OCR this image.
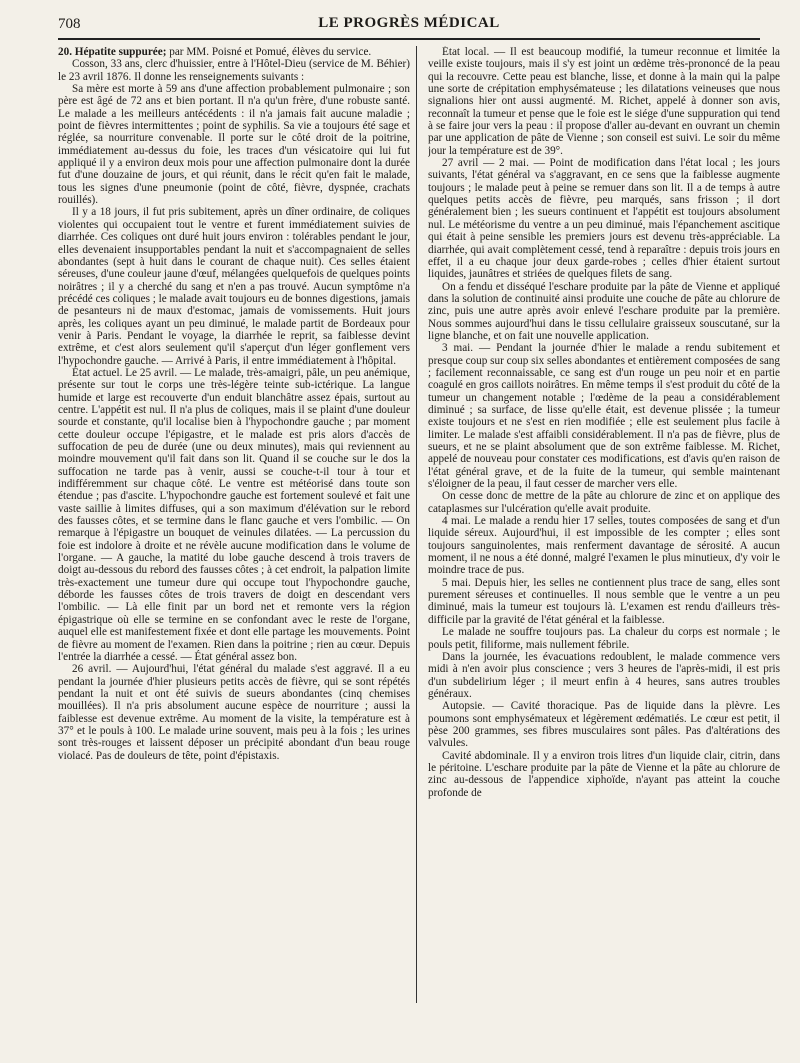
708	LE PROGRÈS MÉDICAL

20. Hépatite suppurée; par MM. Poisné et Pomué, élèves du service.

Cosson, 33 ans, clerc d'huissier, entre à l'Hôtel-Dieu (service de M. Béhier) le 23 avril 1876. Il donne les renseignements suivants :

Sa mère est morte à 59 ans d'une affection probablement pulmonaire ; son père est âgé de 72 ans et bien portant. Il n'a qu'un frère, d'une robuste santé. Le malade a les meilleurs antécédents : il n'a jamais fait aucune maladie ; point de fièvres intermittentes ; point de syphilis. Sa vie a toujours été sage et réglée, sa nourriture convenable. Il porte sur le côté droit de la poitrine, immédiatement au-dessus du foie, les traces d'un vésicatoire qui lui fut appliqué il y a environ deux mois pour une affection pulmonaire dont la durée fut d'une douzaine de jours, et qui réunit, dans le récit qu'en fait le malade, tous les signes d'une pneumonie (point de côté, fièvre, dyspnée, crachats rouillés).

Il y a 18 jours, il fut pris subitement, après un dîner ordinaire, de coliques violentes qui occupaient tout le ventre et furent immédiatement suivies de diarrhée. Ces coliques ont duré huit jours environ : tolérables pendant le jour, elles devenaient insupportables pendant la nuit et s'accompagnaient de selles abondantes (sept à huit dans le courant de chaque nuit). Ces selles étaient séreuses, d'une couleur jaune d'œuf, mélangées quelquefois de quelques points noirâtres ; il y a cherché du sang et n'en a pas trouvé. Aucun symptôme n'a précédé ces coliques ; le malade avait toujours eu de bonnes digestions, jamais de pesanteurs ni de maux d'estomac, jamais de vomissements. Huit jours après, les coliques ayant un peu diminué, le malade partit de Bordeaux pour venir à Paris. Pendant le voyage, la diarrhée le reprit, sa faiblesse devint extrême, et c'est alors seulement qu'il s'aperçut d'un léger gonflement vers l'hypochondre gauche. — Arrivé à Paris, il entre immédiatement à l'hôpital.

État actuel. Le 25 avril. — Le malade, très-amaigri, pâle, un peu anémique, présente sur tout le corps une très-légère teinte sub-ictérique. La langue humide et large est recouverte d'un enduit blanchâtre assez épais, surtout au centre. L'appétit est nul. Il n'a plus de coliques, mais il se plaint d'une douleur sourde et constante, qu'il localise bien à l'hypochondre gauche ; par moment cette douleur occupe l'épigastre, et le malade est pris alors d'accès de suffocation de peu de durée (une ou deux minutes), mais qui reviennent au moindre mouvement qu'il fait dans son lit. Quand il se couche sur le dos la suffocation ne tarde pas à venir, aussi se couche-t-il tour à tour et indifféremment sur chaque côté. Le ventre est météorisé dans toute son étendue ; pas d'ascite. L'hypochondre gauche est fortement soulevé et fait une vaste saillie à limites diffuses, qui a son maximum d'élévation sur le rebord des fausses côtes, et se termine dans le flanc gauche et vers l'ombilic. — On remarque à l'épigastre un bouquet de veinules dilatées. — La percussion du foie est indolore à droite et ne révèle aucune modification dans le volume de l'organe. — A gauche, la matité du lobe gauche descend à trois travers de doigt au-dessous du rebord des fausses côtes ; à cet endroit, la palpation limite très-exactement une tumeur dure qui occupe tout l'hypochondre gauche, déborde les fausses côtes de trois travers de doigt en descendant vers l'ombilic. — Là elle finit par un bord net et remonte vers la région épigastrique où elle se termine en se confondant avec le reste de l'organe, auquel elle est manifestement fixée et dont elle partage les mouvements. Point de fièvre au moment de l'examen. Rien dans la poitrine ; rien au cœur. Depuis l'entrée la diarrhée a cessé. — État général assez bon.

26 avril. — Aujourd'hui, l'état général du malade s'est aggravé. Il a eu pendant la journée d'hier plusieurs petits accès de fièvre, qui se sont répétés pendant la nuit et ont été suivis de sueurs abondantes (cinq chemises mouillées). Il n'a pris absolument aucune espèce de nourriture ; aussi la faiblesse est devenue extrême. Au moment de la visite, la température est à 37° et le pouls à 100. Le malade urine souvent, mais peu à la fois ; les urines sont très-rouges et laissent déposer un précipité abondant d'un beau rouge violacé. Pas de douleurs de tête, point d'épistaxis.

État local. — Il est beaucoup modifié, la tumeur reconnue et limitée la veille existe toujours, mais il s'y est joint un œdème très-prononcé de la peau qui la recouvre. Cette peau est blanche, lisse, et donne à la main qui la palpe une sorte de crépitation emphysémateuse ; les dilatations veineuses que nous signalions hier ont aussi augmenté. M. Richet, appelé à donner son avis, reconnaît la tumeur et pense que le foie est le siége d'une suppuration qui tend à se faire jour vers la peau : il propose d'aller au-devant en ouvrant un chemin par une application de pâte de Vienne ; son conseil est suivi. Le soir du même jour la température est de 39°.

27 avril — 2 mai. — Point de modification dans l'état local ; les jours suivants, l'état général va s'aggravant, en ce sens que la faiblesse augmente toujours ; le malade peut à peine se remuer dans son lit. Il a de temps à autre quelques petits accès de fièvre, peu marqués, sans frisson ; il dort généralement bien ; les sueurs continuent et l'appétit est toujours absolument nul. Le météorisme du ventre a un peu diminué, mais l'épanchement ascitique qui était à peine sensible les premiers jours est devenu très-appréciable. La diarrhée, qui avait complètement cessé, tend à reparaître : depuis trois jours en effet, il a eu chaque jour deux garde-robes ; celles d'hier étaient surtout liquides, jaunâtres et striées de quelques filets de sang.

On a fendu et disséqué l'eschare produite par la pâte de Vienne et appliqué dans la solution de continuité ainsi produite une couche de pâte au chlorure de zinc, puis une autre après avoir enlevé l'eschare produite par la première. Nous sommes aujourd'hui dans le tissu cellulaire graisseux souscutané, sur la ligne blanche, et on fait une nouvelle application.

3 mai. — Pendant la journée d'hier le malade a rendu subitement et presque coup sur coup six selles abondantes et entièrement composées de sang ; facilement reconnaissable, ce sang est d'un rouge un peu noir et en partie coagulé en gros caillots noirâtres. En même temps il s'est produit du côté de la tumeur un changement notable ; l'œdème de la peau a considérablement diminué ; sa surface, de lisse qu'elle était, est devenue plissée ; la tumeur existe toujours et ne s'est en rien modifiée ; elle est seulement plus facile à limiter. Le malade s'est affaibli considérablement. Il n'a pas de fièvre, plus de sueurs, et ne se plaint absolument que de son extrême faiblesse. M. Richet, appelé de nouveau pour constater ces modifications, est d'avis qu'en raison de l'état général grave, et de la fuite de la tumeur, qui semble maintenant s'éloigner de la peau, il faut cesser de marcher vers elle.

On cesse donc de mettre de la pâte au chlorure de zinc et on applique des cataplasmes sur l'ulcération qu'elle avait produite.

4 mai. Le malade a rendu hier 17 selles, toutes composées de sang et d'un liquide séreux. Aujourd'hui, il est impossible de les compter ; elles sont toujours sanguinolentes, mais renferment davantage de sérosité. A aucun moment, il ne nous a été donné, malgré l'examen le plus minutieux, d'y voir le moindre trace de pus.

5 mai. Depuis hier, les selles ne contiennent plus trace de sang, elles sont purement séreuses et continuelles. Il nous semble que le ventre a un peu diminué, mais la tumeur est toujours là. L'examen est rendu d'ailleurs très-difficile par la gravité de l'état général et la faiblesse.

Le malade ne souffre toujours pas. La chaleur du corps est normale ; le pouls petit, filiforme, mais nullement fébrile.

Dans la journée, les évacuations redoublent, le malade commence vers midi à n'en avoir plus conscience ; vers 3 heures de l'après-midi, il est pris d'un subdelirium léger ; il meurt enfin à 4 heures, sans autres troubles généraux.

Autopsie. — Cavité thoracique. Pas de liquide dans la plèvre. Les poumons sont emphysémateux et légèrement œdématiés. Le cœur est petit, il pèse 200 grammes, ses fibres musculaires sont pâles. Pas d'altérations des valvules.

Cavité abdominale. Il y a environ trois litres d'un liquide clair, citrin, dans le péritoine. L'eschare produite par la pâte de Vienne et la pâte au chlorure de zinc au-dessous de l'appendice xiphoïde, n'ayant pas atteint la couche profonde de
